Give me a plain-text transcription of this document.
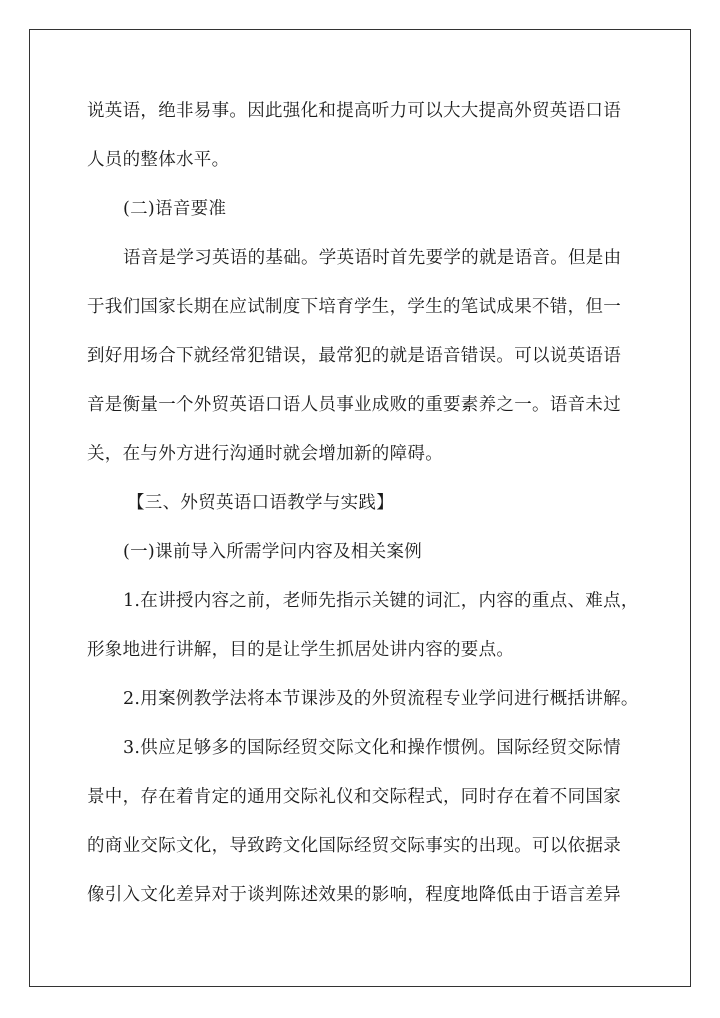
说英语，绝非易事。因此强化和提高听力可以大大提高外贸英语口语
人员的整体水平。
(二)语音要准
语音是学习英语的基础。学英语时首先要学的就是语音。但是由
于我们国家长期在应试制度下培育学生，学生的笔试成果不错，但一
到好用场合下就经常犯错误，最常犯的就是语音错误。可以说英语语
音是衡量一个外贸英语口语人员事业成败的重要素养之一。语音未过
关，在与外方进行沟通时就会增加新的障碍。
【三、外贸英语口语教学与实践】
(一)课前导入所需学问内容及相关案例
1.在讲授内容之前，老师先指示关键的词汇，内容的重点、难点，
形象地进行讲解，目的是让学生抓居处讲内容的要点。
2.用案例教学法将本节课涉及的外贸流程专业学问进行概括讲解。
3.供应足够多的国际经贸交际文化和操作惯例。国际经贸交际情
景中，存在着肯定的通用交际礼仪和交际程式，同时存在着不同国家
的商业交际文化，导致跨文化国际经贸交际事实的出现。可以依据录
像引入文化差异对于谈判陈述效果的影响，程度地降低由于语言差异
